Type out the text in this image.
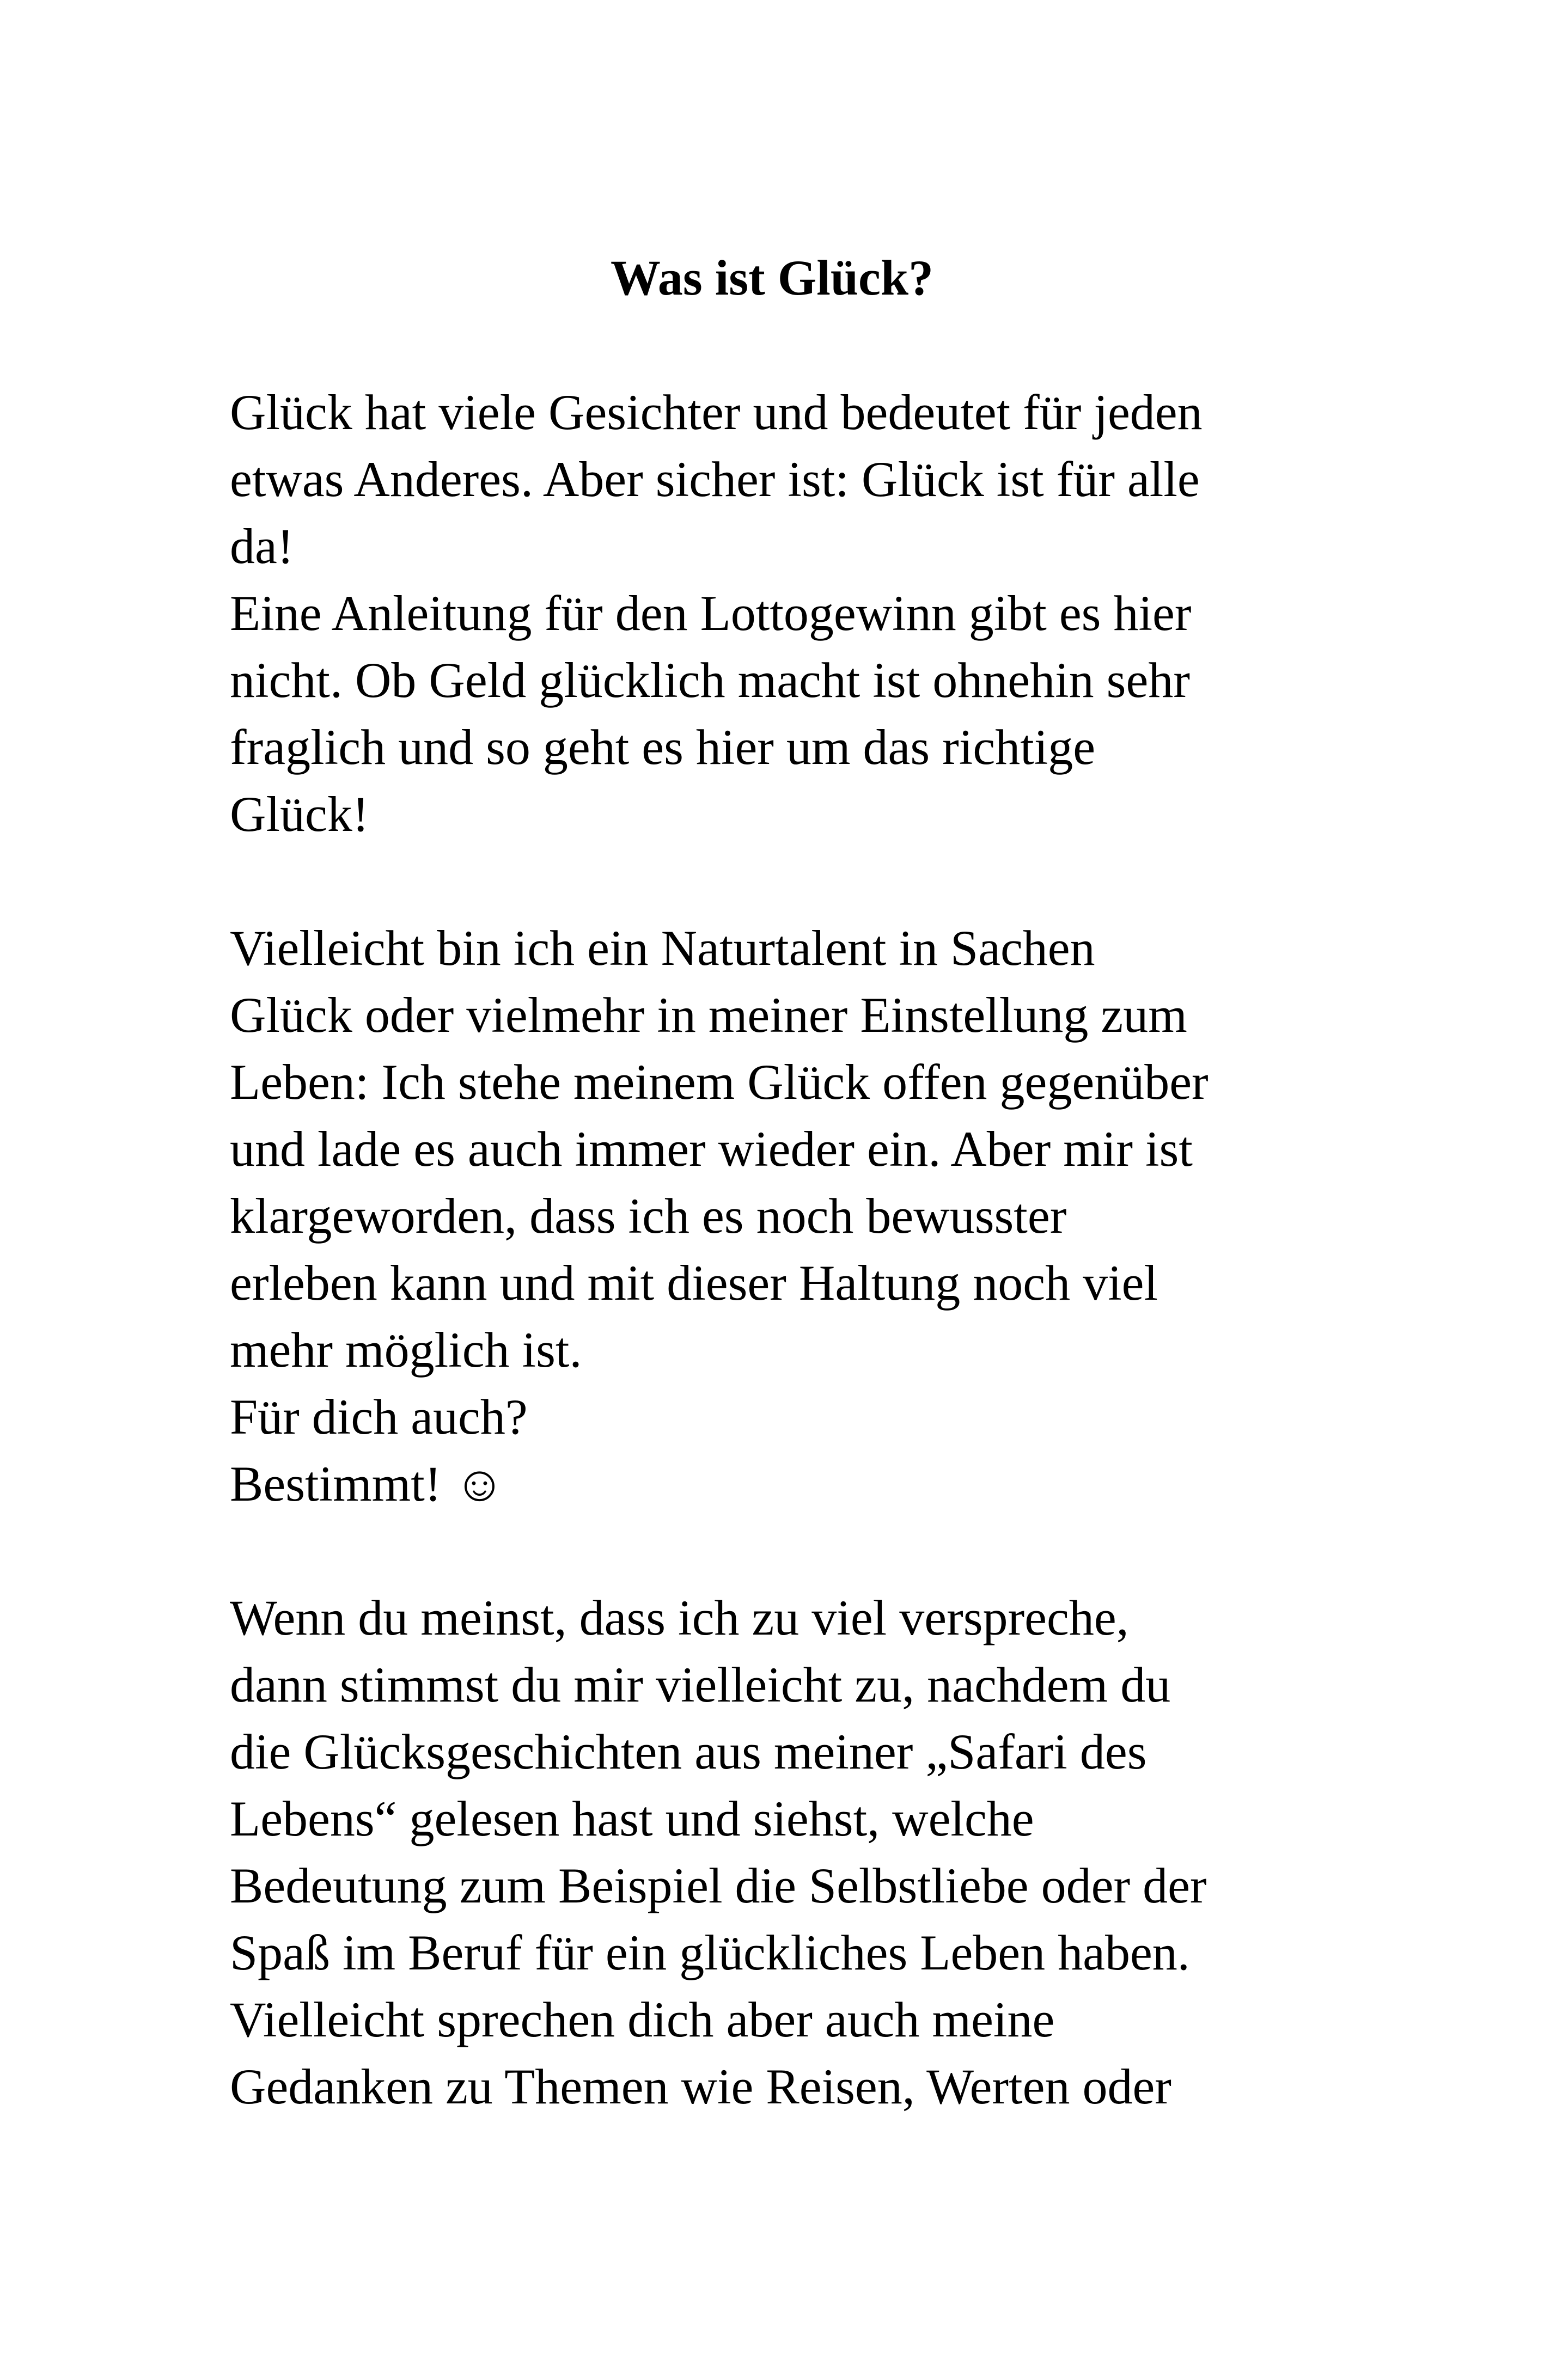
Was ist Glück?
Glück hat viele Gesichter und bedeutet für jeden
etwas Anderes. Aber sicher ist: Glück ist für alle
da!
Eine Anleitung für den Lottogewinn gibt es hier
nicht. Ob Geld glücklich macht ist ohnehin sehr
fraglich und so geht es hier um das richtige
Glück!
Vielleicht bin ich ein Naturtalent in Sachen
Glück oder vielmehr in meiner Einstellung zum
Leben: Ich stehe meinem Glück offen gegenüber
und lade es auch immer wieder ein. Aber mir ist
klargeworden, dass ich es noch bewusster
erleben kann und mit dieser Haltung noch viel
mehr möglich ist.
Für dich auch?
Bestimmt! ☺
Wenn du meinst, dass ich zu viel verspreche,
dann stimmst du mir vielleicht zu, nachdem du
die Glücksgeschichten aus meiner „Safari des
Lebens“ gelesen hast und siehst, welche
Bedeutung zum Beispiel die Selbstliebe oder der
Spaß im Beruf für ein glückliches Leben haben.
Vielleicht sprechen dich aber auch meine
Gedanken zu Themen wie Reisen, Werten oder
